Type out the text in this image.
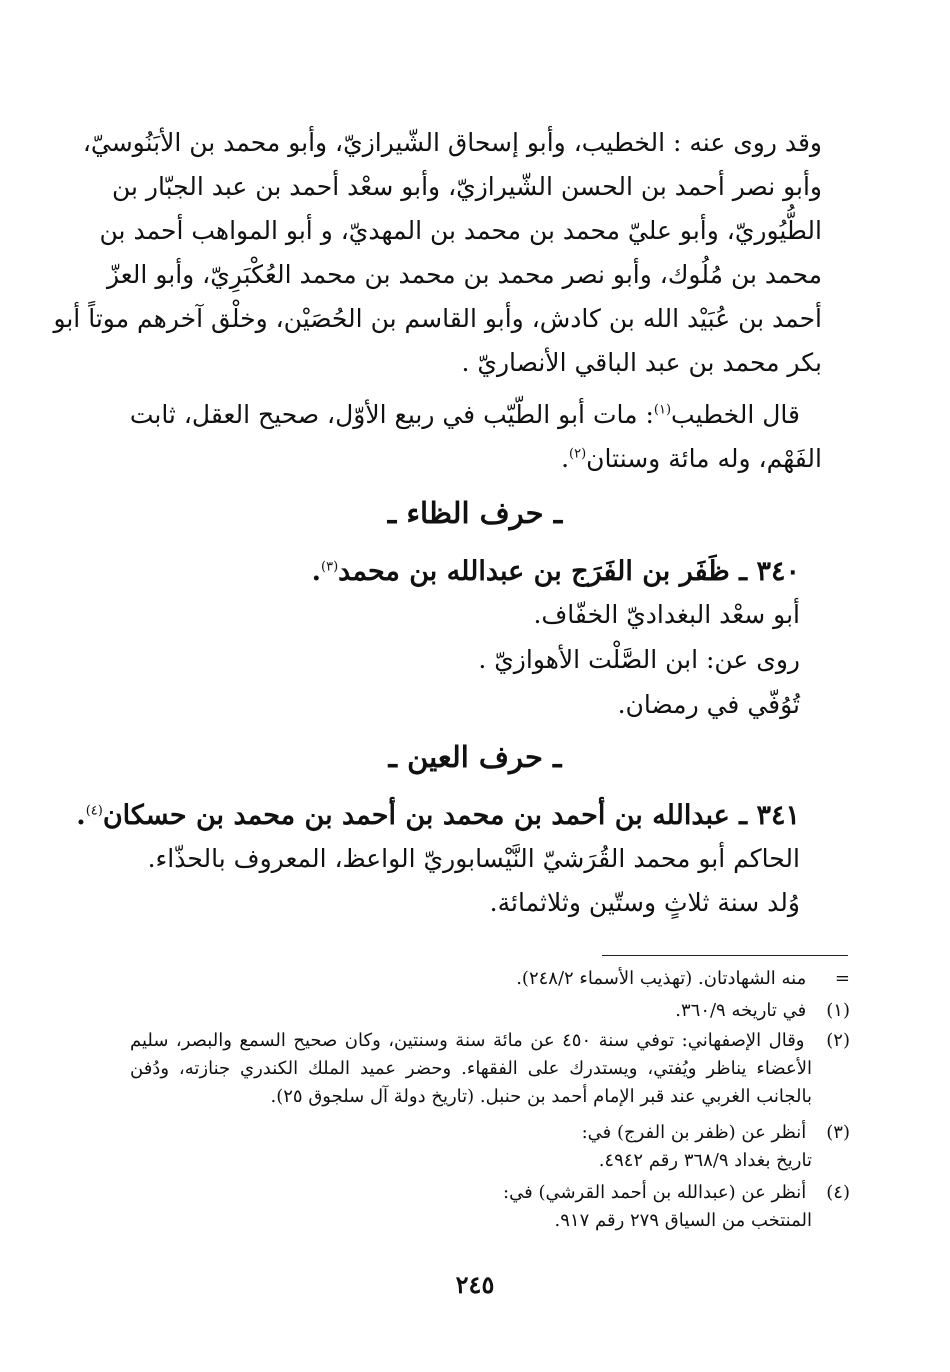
وقد روى عنه : الخطيب، وأبو إسحاق الشّيرازيّ، وأبو محمد بن الأبَنُوسيّ،
وأبو نصر أحمد بن الحسن الشّيرازيّ، وأبو سعْد أحمد بن عبد الجبّار بن
الطُّيُوريّ، وأبو عليّ محمد بن محمد بن المهديّ، و أبو المواهب أحمد بن
محمد بن مُلُوك، وأبو نصر محمد بن محمد بن محمد العُكْبَرِيّ، وأبو العزّ
أحمد بن عُبَيْد الله بن كادش، وأبو القاسم بن الحُصَيْن، وخلْق آخرهم موتاً أبو
بكر محمد بن عبد الباقي الأنصاريّ .
قال الخطيب$^{(١)}$: مات أبو الطّيّب في ربيع الأوّل، صحيح العقل، ثابت
الفَهْم، وله مائة وسنتان$^{(٢)}$.
ـ حرف الظاء ـ
٣٤٠ ـ ظَفَر بن الفَرَج بن عبدالله بن محمد$^{(٣)}$.
أبو سعْد البغداديّ الخفّاف.
روى عن: ابن الصَّلْت الأهوازيّ .
تُوُفّي في رمضان.
ـ حرف العين ـ
٣٤١ ـ عبدالله بن أحمد بن محمد بن أحمد بن محمد بن حسكان$^{(٤)}$.
الحاكم أبو محمد القُرَشيّ النَّيْسابوريّ الواعظ، المعروف بالحذّاء.
وُلد سنة ثلاثٍ وستّين وثلاثمائة.
= منه الشهادتان. (تهذيب الأسماء ٢٤٨/٢).
(١) في تاريخه ٣٦٠/٩.
(٢) وقال الإصفهاني: توفي سنة ٤٥٠ عن مائة سنة وسنتين، وكان صحيح السمع والبصر، سليم
الأعضاء يناظر ويُفتي، ويستدرك على الفقهاء. وحضر عميد الملك الكندري جنازته، ودُفن
بالجانب الغربي عند قبر الإمام أحمد بن حنبل. (تاريخ دولة آل سلجوق ٢٥).
(٣) أنظر عن (ظفر بن الفرج) في:
تاريخ بغداد ٣٦٨/٩ رقم ٤٩٤٢.
(٤) أنظر عن (عبدالله بن أحمد القرشي) في:
المنتخب من السياق ٢٧٩ رقم ٩١٧.
٢٤٥
